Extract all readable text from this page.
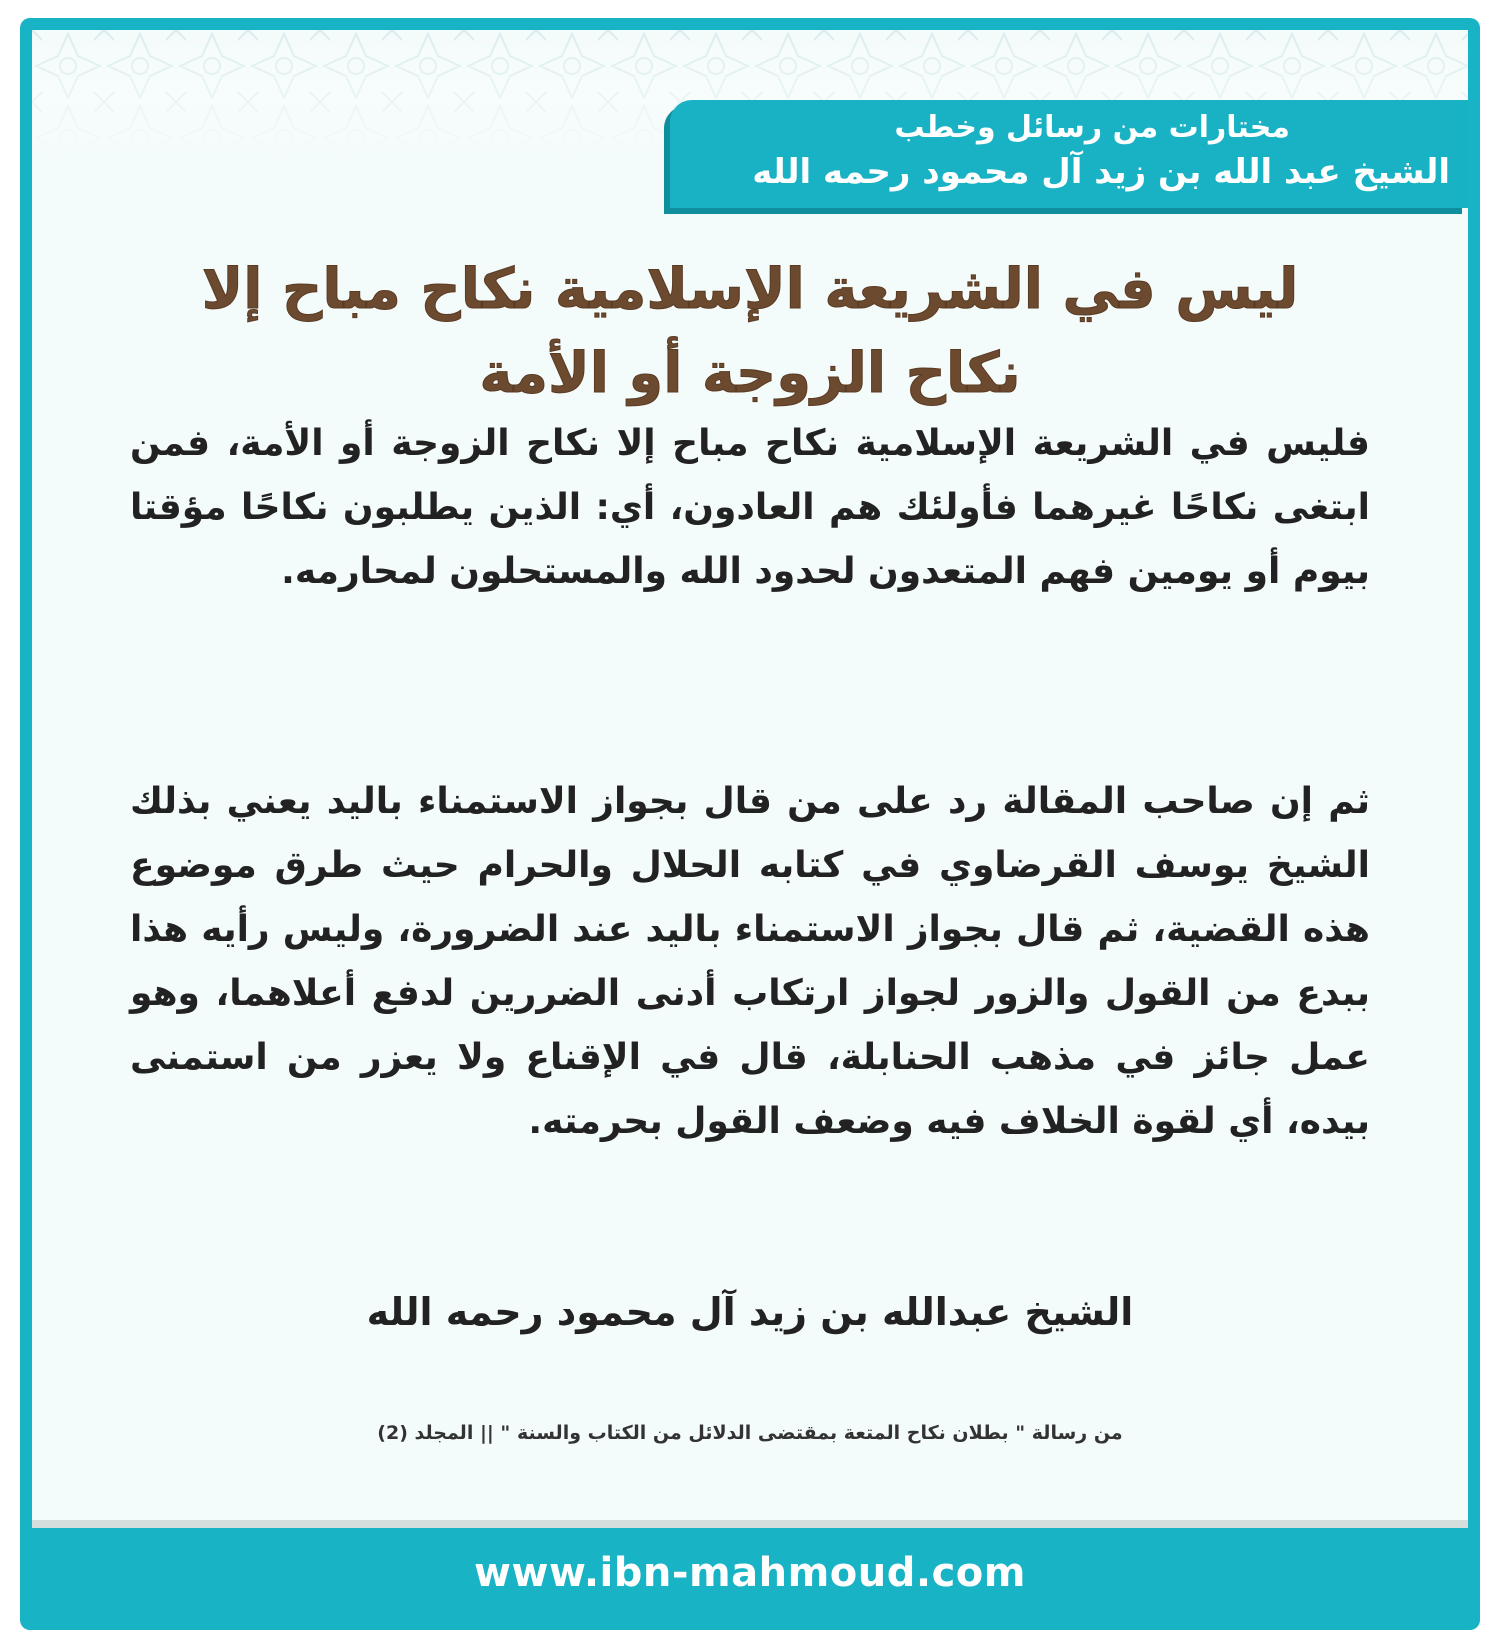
مختارات من رسائل وخطب
الشيخ عبد الله بن زيد آل محمود رحمه الله
ليس في الشريعة الإسلامية نكاح مباح إلا
نكاح الزوجة أو الأمة
فليس في الشريعة الإسلامية نكاح مباح إلا نكاح الزوجة أو الأمة، فمن ابتغى نكاحًا غيرهما فأولئك هم العادون، أي: الذين يطلبون نكاحًا مؤقتا بيوم أو يومين فهم المتعدون لحدود الله والمستحلون لمحارمه.
ثم إن صاحب المقالة رد على من قال بجواز الاستمناء باليد يعني بذلك الشيخ يوسف القرضاوي في كتابه الحلال والحرام حيث طرق موضوع هذه القضية، ثم قال بجواز الاستمناء باليد عند الضرورة، وليس رأيه هذا ببدع من القول والزور لجواز ارتكاب أدنى الضررين لدفع أعلاهما، وهو عمل جائز في مذهب الحنابلة، قال في الإقناع ولا يعزر من استمنى بيده، أي لقوة الخلاف فيه وضعف القول بحرمته.
الشيخ عبدالله بن زيد آل محمود رحمه الله
من رسالة " بطلان نكاح المتعة بمقتضى الدلائل من الكتاب والسنة " || المجلد (2)
www.ibn-mahmoud.com
